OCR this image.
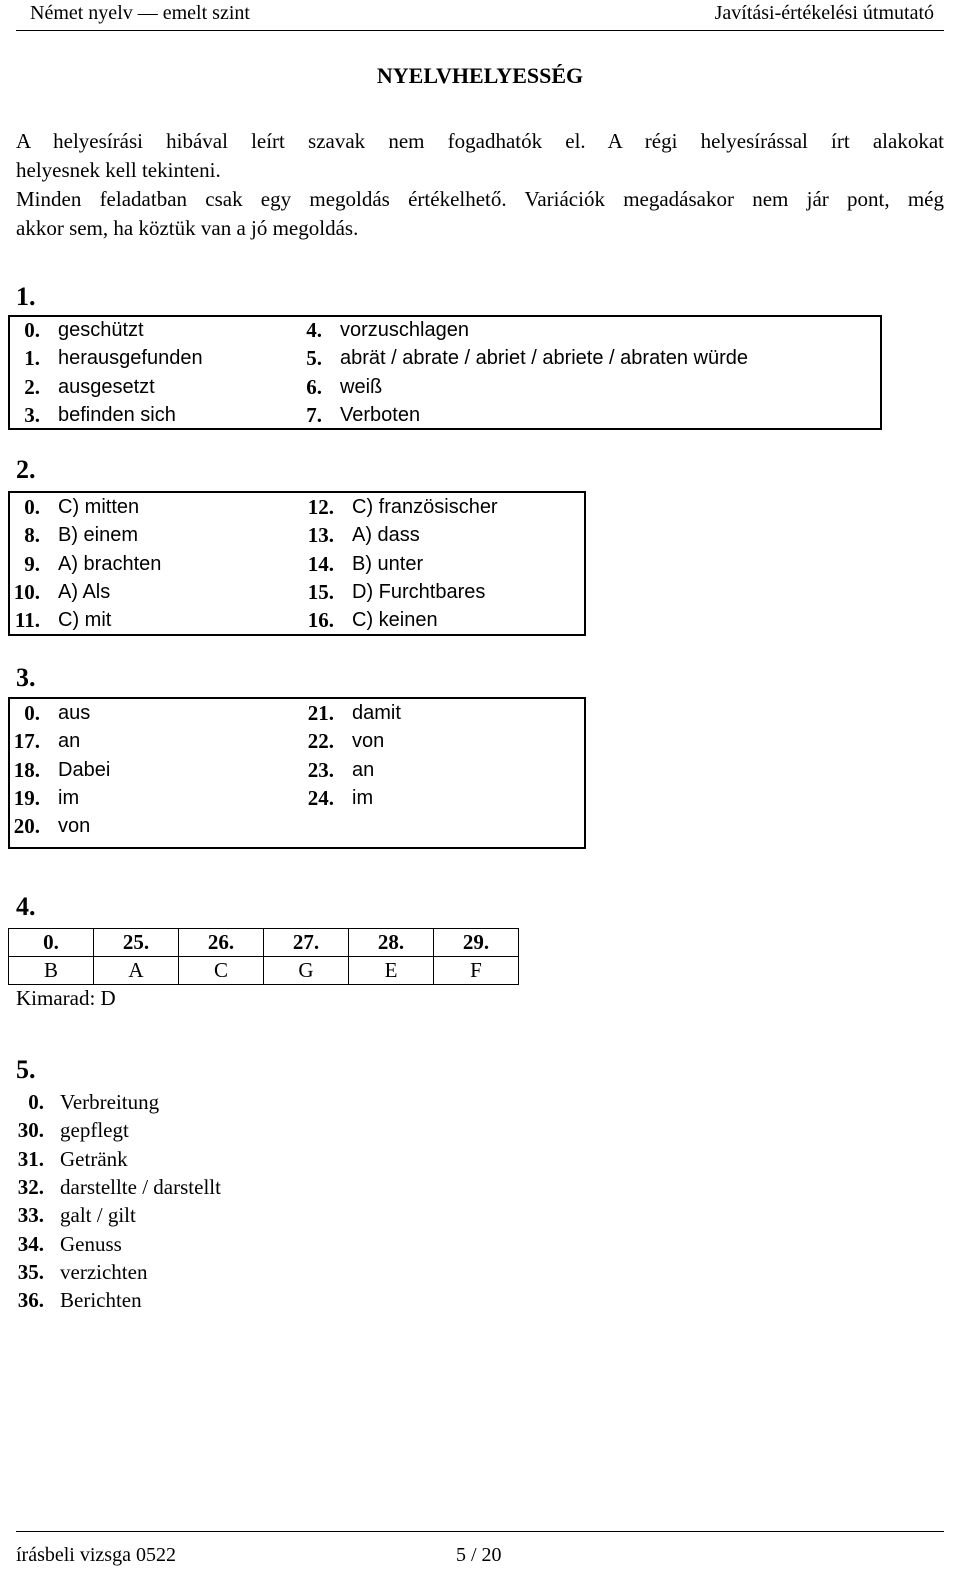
Német nyelv — emelt szint	Javítási-értékelési útmutató
NYELVHELYESSÉG

A helyesírási hibával leírt szavak nem fogadhatók el. A régi helyesírással írt alakokat

helyesnek kell tekinteni.

Minden feladatban csak egy megoldás értékelhető. Variációk megadásakor nem jár pont, még

akkor sem, ha köztük van a jó megoldás.

1.
0. geschützt
1. herausgefunden
2. ausgesetzt
3. befinden sich
4. vorzuschlagen
5. abrät / abrate / abriet / abriete / abraten würde
6. weiß
7. Verboten
2.
0. C) mitten
8. B) einem
9. A) brachten
10. A) Als
11. C) mit
12. C) französischer
13. A) dass
14. B) unter
15. D) Furchtbares
16. C) keinen
3.
0. aus
17. an
18. Dabei
19. im
20. von
21. damit
22. von
23. an
24. im
4.
0.	25.	26.	27.	28.	29.
B	A	C	G	E	F
Kimarad: D
5.
0. Verbreitung
30. gepflegt
31. Getränk
32. darstellte / darstellt
33. galt / gilt
34. Genuss
35. verzichten
36. Berichten
írásbeli vizsga 0522	5 / 20
